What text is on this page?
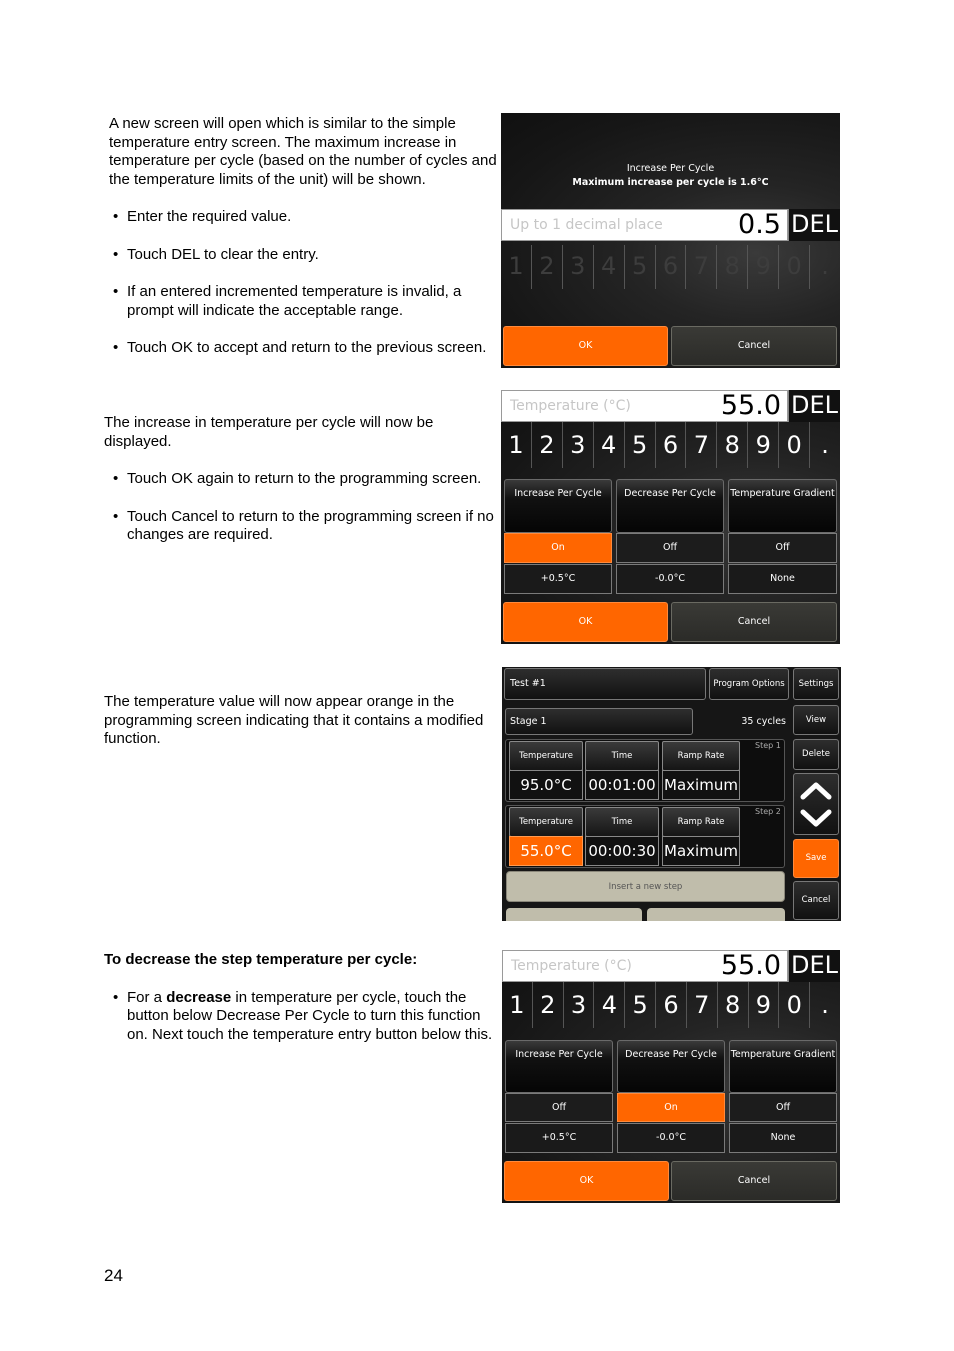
A new screen will open which is similar to the simple temperature entry screen. The maximum increase in temperature per cycle (based on the number of cycles and the temperature limits of the unit) will be shown.

• Enter the required value.
• Touch DEL to clear the entry.
• If an entered incremented temperature is invalid, a prompt will indicate the acceptable range.
• Touch OK to accept and return to the previous screen.

The increase in temperature per cycle will now be displayed.

• Touch OK again to return to the programming screen.
• Touch Cancel to return to the programming screen if no changes are required.

The temperature value will now appear orange in the programming screen indicating that it contains a modified function.

To decrease the step temperature per cycle:

• For a decrease in temperature per cycle, touch the button below Decrease Per Cycle to turn this function on. Next touch the temperature entry button below this.
24
Increase Per Cycle
Maximum increase per cycle is 1.6°C
Up to 1 decimal place	0.5 DEL
1 2 3 4 5 6 7 8 9 0 .
OK	Cancel
Temperature (°C)	55.0 DEL
1 2 3 4 5 6 7 8 9 0 .
Increase Per Cycle	Decrease Per Cycle	Temperature Gradient
On	Off	Off
+0.5°C	-0.0°C	None
OK	Cancel
Test #1	Program Options	Settings
Stage 1	35 cycles	View
Step 1
Temperature	Time	Ramp Rate
95.0°C	00:01:00 Maximum
Delete
Step 2
Temperature	Time	Ramp Rate
55.0°C	00:00:30 Maximum	Save
Cancel
Insert a new step
Temperature (°C)	55.0 DEL
1 2 3 4 5 6 7 8 9 0 .
Increase Per Cycle	Decrease Per Cycle	Temperature Gradient
Off	On	Off
+0.5°C	-0.0°C	None
OK	Cancel
